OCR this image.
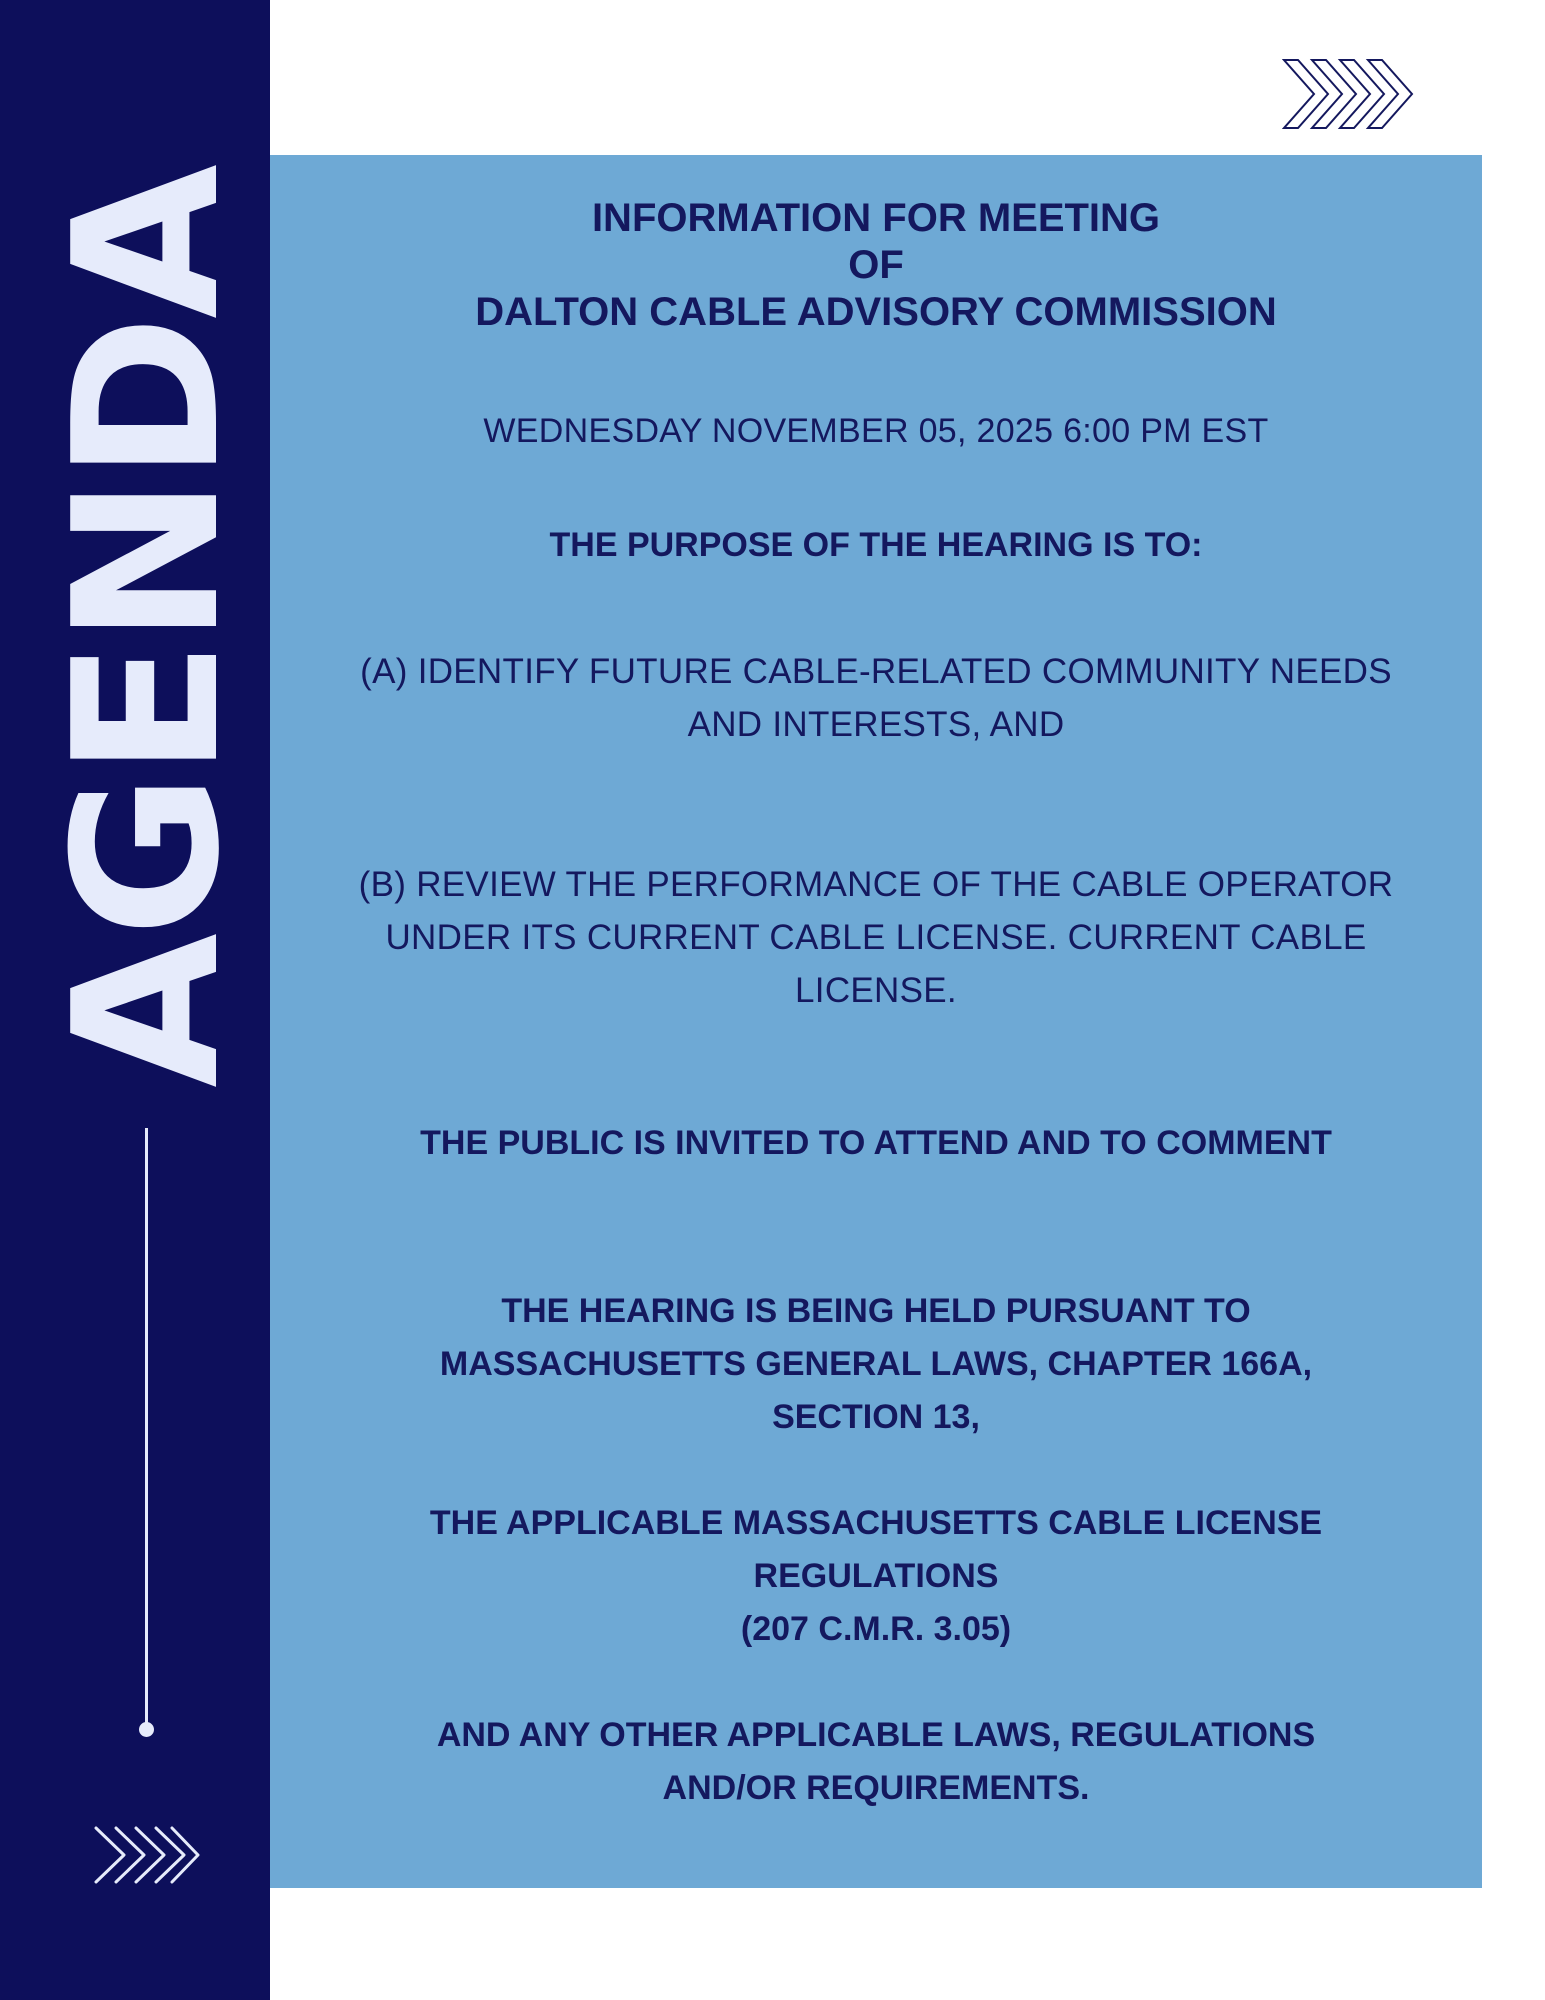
AGENDA	INFORMATION FOR MEETING
OF
DALTON CABLE ADVISORY COMMISSION
WEDNESDAY NOVEMBER 05, 2025 6:00 PM EST
THE PURPOSE OF THE HEARING IS TO:
(A) IDENTIFY FUTURE CABLE-RELATED COMMUNITY NEEDS
AND INTERESTS, AND
(B) REVIEW THE PERFORMANCE OF THE CABLE OPERATOR
UNDER ITS CURRENT CABLE LICENSE. CURRENT CABLE
LICENSE.
THE PUBLIC IS INVITED TO ATTEND AND TO COMMENT
THE HEARING IS BEING HELD PURSUANT TO
MASSACHUSETTS GENERAL LAWS, CHAPTER 166A,
SECTION 13,
THE APPLICABLE MASSACHUSETTS CABLE LICENSE
REGULATIONS
(207 C.M.R. 3.05)
AND ANY OTHER APPLICABLE LAWS, REGULATIONS
AND/OR REQUIREMENTS.
